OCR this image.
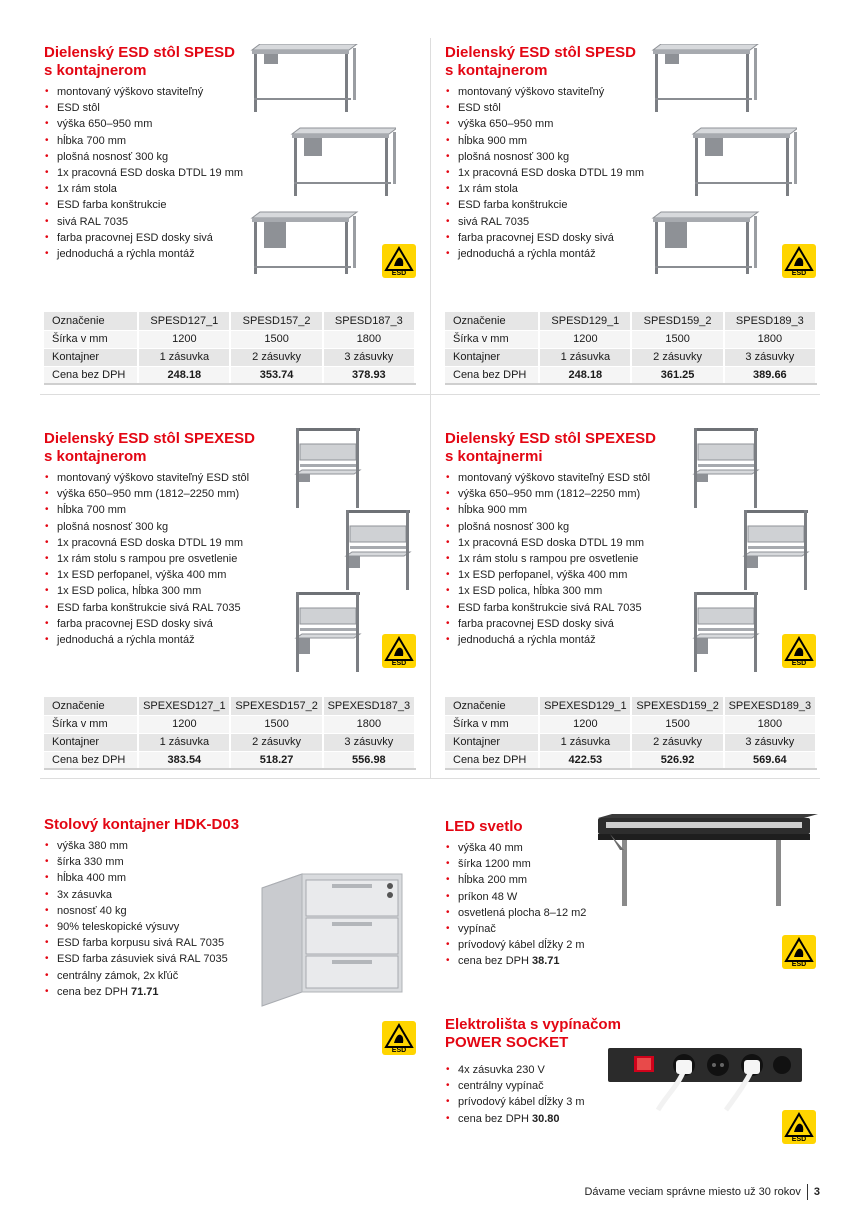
Dielenský ESD stôl SPESD
s kontajnerom
• montovaný výškovo staviteľný
• ESD stôl
• výška 650–950 mm
• hĺbka 700 mm
• plošná nosnosť 300 kg
• 1x pracovná ESD doska DTDL 19 mm
• 1x rám stola
• ESD farba konštrukcie
• sivá RAL 7035
• farba pracovnej ESD dosky sivá
• jednoduchá a rýchla montáž
ESD
Označenie	SPESD127_1	SPESD157_2	SPESD187_3
Šírka v mm	1200	1500	1800
Kontajner	1 zásuvka	2 zásuvky	3 zásuvky
Cena bez DPH	248.18	353.74	378.93
Dielenský ESD stôl SPESD
s kontajnerom
• montovaný výškovo staviteľný
• ESD stôl
• výška 650–950 mm
• hĺbka 900 mm
• plošná nosnosť 300 kg
• 1x pracovná ESD doska DTDL 19 mm
• 1x rám stola
• ESD farba konštrukcie
• sivá RAL 7035
• farba pracovnej ESD dosky sivá
• jednoduchá a rýchla montáž
ESD
Označenie	SPESD129_1	SPESD159_2	SPESD189_3
Šírka v mm	1200	1500	1800
Kontajner	1 zásuvka	2 zásuvky	3 zásuvky
Cena bez DPH	248.18	361.25	389.66
Dielenský ESD stôl SPEXESD
s kontajnerom
• montovaný výškovo staviteľný ESD stôl
• výška 650–950 mm (1812–2250 mm)
• hĺbka 700 mm
• plošná nosnosť 300 kg
• 1x pracovná ESD doska DTDL 19 mm
• 1x rám stolu s rampou pre osvetlenie
• 1x ESD perfopanel, výška 400 mm
• 1x ESD polica, hĺbka 300 mm
• ESD farba konštrukcie sivá RAL 7035
• farba pracovnej ESD dosky sivá
• jednoduchá a rýchla montáž
ESD
Označenie	SPEXESD127_1	SPEXESD157_2	SPEXESD187_3
Šírka v mm	1200	1500	1800
Kontajner	1 zásuvka	2 zásuvky	3 zásuvky
Cena bez DPH	383.54	518.27	556.98
Dielenský ESD stôl SPEXESD
s kontajnermi
• montovaný výškovo staviteľný ESD stôl
• výška 650–950 mm (1812–2250 mm)
• hĺbka 900 mm
• plošná nosnosť 300 kg
• 1x pracovná ESD doska DTDL 19 mm
• 1x rám stolu s rampou pre osvetlenie
• 1x ESD perfopanel, výška 400 mm
• 1x ESD polica, hĺbka 300 mm
• ESD farba konštrukcie sivá RAL 7035
• farba pracovnej ESD dosky sivá
• jednoduchá a rýchla montáž
ESD
Označenie	SPEXESD129_1	SPEXESD159_2	SPEXESD189_3
Šírka v mm	1200	1500	1800
Kontajner	1 zásuvka	2 zásuvky	3 zásuvky
Cena bez DPH	422.53	526.92	569.64
Stolový kontajner HDK-D03
• výška 380 mm
• šírka 330 mm
• hĺbka 400 mm
• 3x zásuvka
• nosnosť 40 kg
• 90% teleskopické výsuvy
• ESD farba korpusu sivá RAL 7035
• ESD farba zásuviek sivá RAL 7035
• centrálny zámok, 2x kľúč
• cena bez DPH 71.71
ESD
LED svetlo
• výška 40 mm
• šírka 1200 mm
• hĺbka 200 mm
• príkon 48 W
• osvetlená plocha 8–12 m2
• vypínač
• prívodový kábel dĺžky 2 m
• cena bez DPH 38.71	ESD
Elektrolišta s vypínačom
POWER SOCKET
• 4x zásuvka 230 V
• centrálny vypínač
• prívodový kábel dĺžky 3 m
• cena bez DPH 30.80
ESD
Dávame veciam správne miesto už 30 rokov 3
